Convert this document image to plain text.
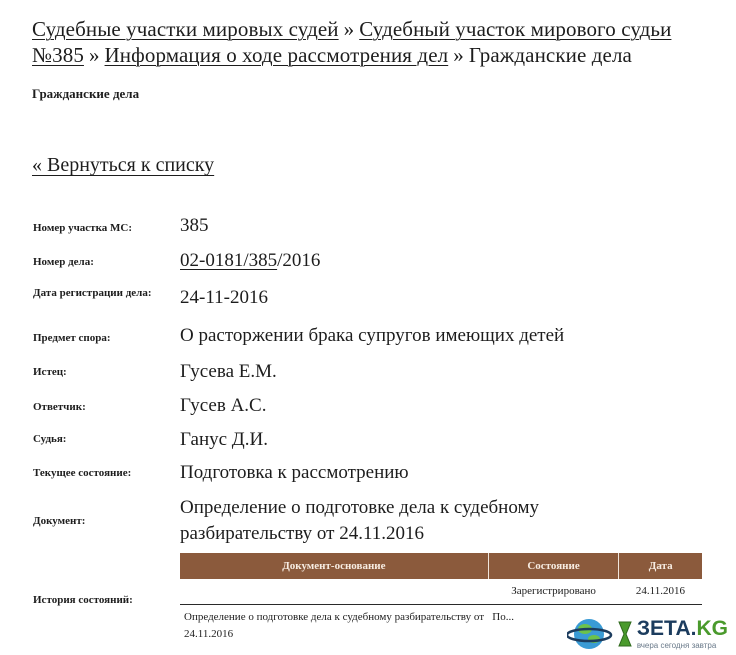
Судебные участки мировых судей » Судебный участок мирового судьи №385 » Информация о ходе рассмотрения дел » Гражданские дела
Гражданские дела
« Вернуться к списку
Номер участка МС:	385
Номер дела:	02-0181/385/2016
Дата регистрации дела:	24-11-2016
Предмет спора:	О расторжении брака супругов имеющих детей
Истец:	Гусева Е.М.
Ответчик:	Гусев А.С.
Судья:	Ганус Д.И.
Текущее состояние:	Подготовка к рассмотрению
Документ:
Определение о подготовке дела к судебному разбирательству от 24.11.2016
История состояний:
Документ-основание	Состояние	Дата
	Зарегистрировано	24.11.2016
Определение о подготовке дела к судебному разбирательству от 24.11.2016	По...		ЗЕТА.KG
вчера сегодня завтра
